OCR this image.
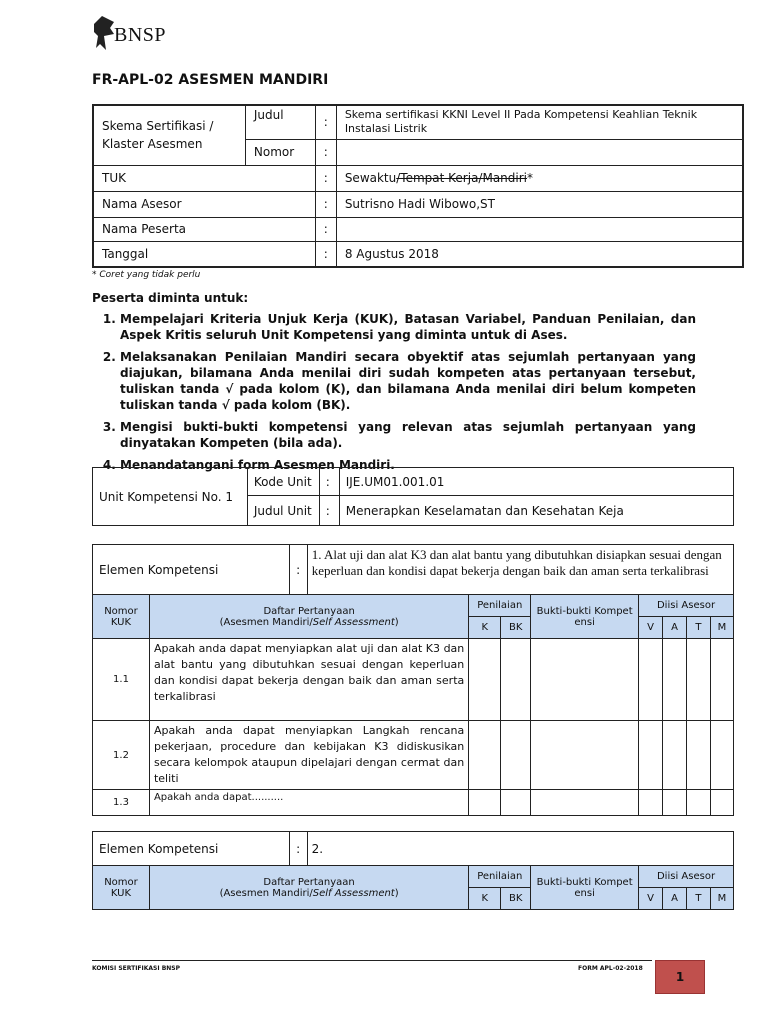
BNSP
FR-APL-02 ASESMEN MANDIRI
Skema Sertifikasi /
Klaster Asesmen	Judul	:	Skema sertifikasi KKNI Level II Pada Kompetensi Keahlian Teknik Instalasi Listrik
	Nomor	:	
TUK		:	Sewaktu/Tempat Kerja/Mandiri*
Nama Asesor		:	Sutrisno Hadi Wibowo,ST
Nama Peserta		:	
Tanggal		:	8 Agustus 2018
* Coret yang tidak perlu
Peserta diminta untuk:
1. Mempelajari Kriteria Unjuk Kerja (KUK), Batasan Variabel, Panduan Penilaian, dan Aspek Kritis seluruh Unit Kompetensi yang diminta untuk di Ases.
2. Melaksanakan Penilaian Mandiri secara obyektif atas sejumlah pertanyaan yang diajukan, bilamana Anda menilai diri sudah kompeten atas pertanyaan tersebut, tuliskan tanda √ pada kolom (K), dan bilamana Anda menilai diri belum kompeten tuliskan tanda √ pada kolom (BK).
3. Mengisi bukti-bukti kompetensi yang relevan atas sejumlah pertanyaan yang dinyatakan Kompeten (bila ada).
4. Menandatangani form Asesmen Mandiri.
Unit Kompetensi No. 1	Kode Unit	:	IJE.UM01.001.01
	Judul Unit	:	Menerapkan Keselamatan dan Kesehatan Keja
Elemen Kompetensi		:	1. Alat uji dan alat K3 dan alat bantu yang dibutuhkan disiapkan sesuai dengan keperluan dan kondisi dapat bekerja dengan baik dan aman serta terkalibrasi							
Nomor KUK	Daftar Pertanyaan
(Asesmen Mandiri/Self Assessment)			Penilaian		Bukti-bukti Kompet ensi	Diisi Asesor			
				K	BK		V	A	T	M
1.1	Apakah anda dapat menyiapkan alat uji dan alat K3 dan alat bantu yang dibutuhkan sesuai dengan keperluan dan kondisi dapat bekerja dengan baik dan aman serta terkalibrasi									
1.2	Apakah anda dapat menyiapkan Langkah rencana pekerjaan, procedure dan kebijakan K3 didiskusikan secara kelompok ataupun dipelajari dengan cermat dan teliti									
1.3	Apakah anda dapat..........									
Elemen Kompetensi		:	2.							
Nomor KUK	Daftar Pertanyaan
(Asesmen Mandiri/Self Assessment)			Penilaian		Bukti-bukti Kompet ensi	Diisi Asesor			
				K	BK		V	A	T	M
KOMISI SERTIFIKASI BNSP	FORM APL-02-2018
1
